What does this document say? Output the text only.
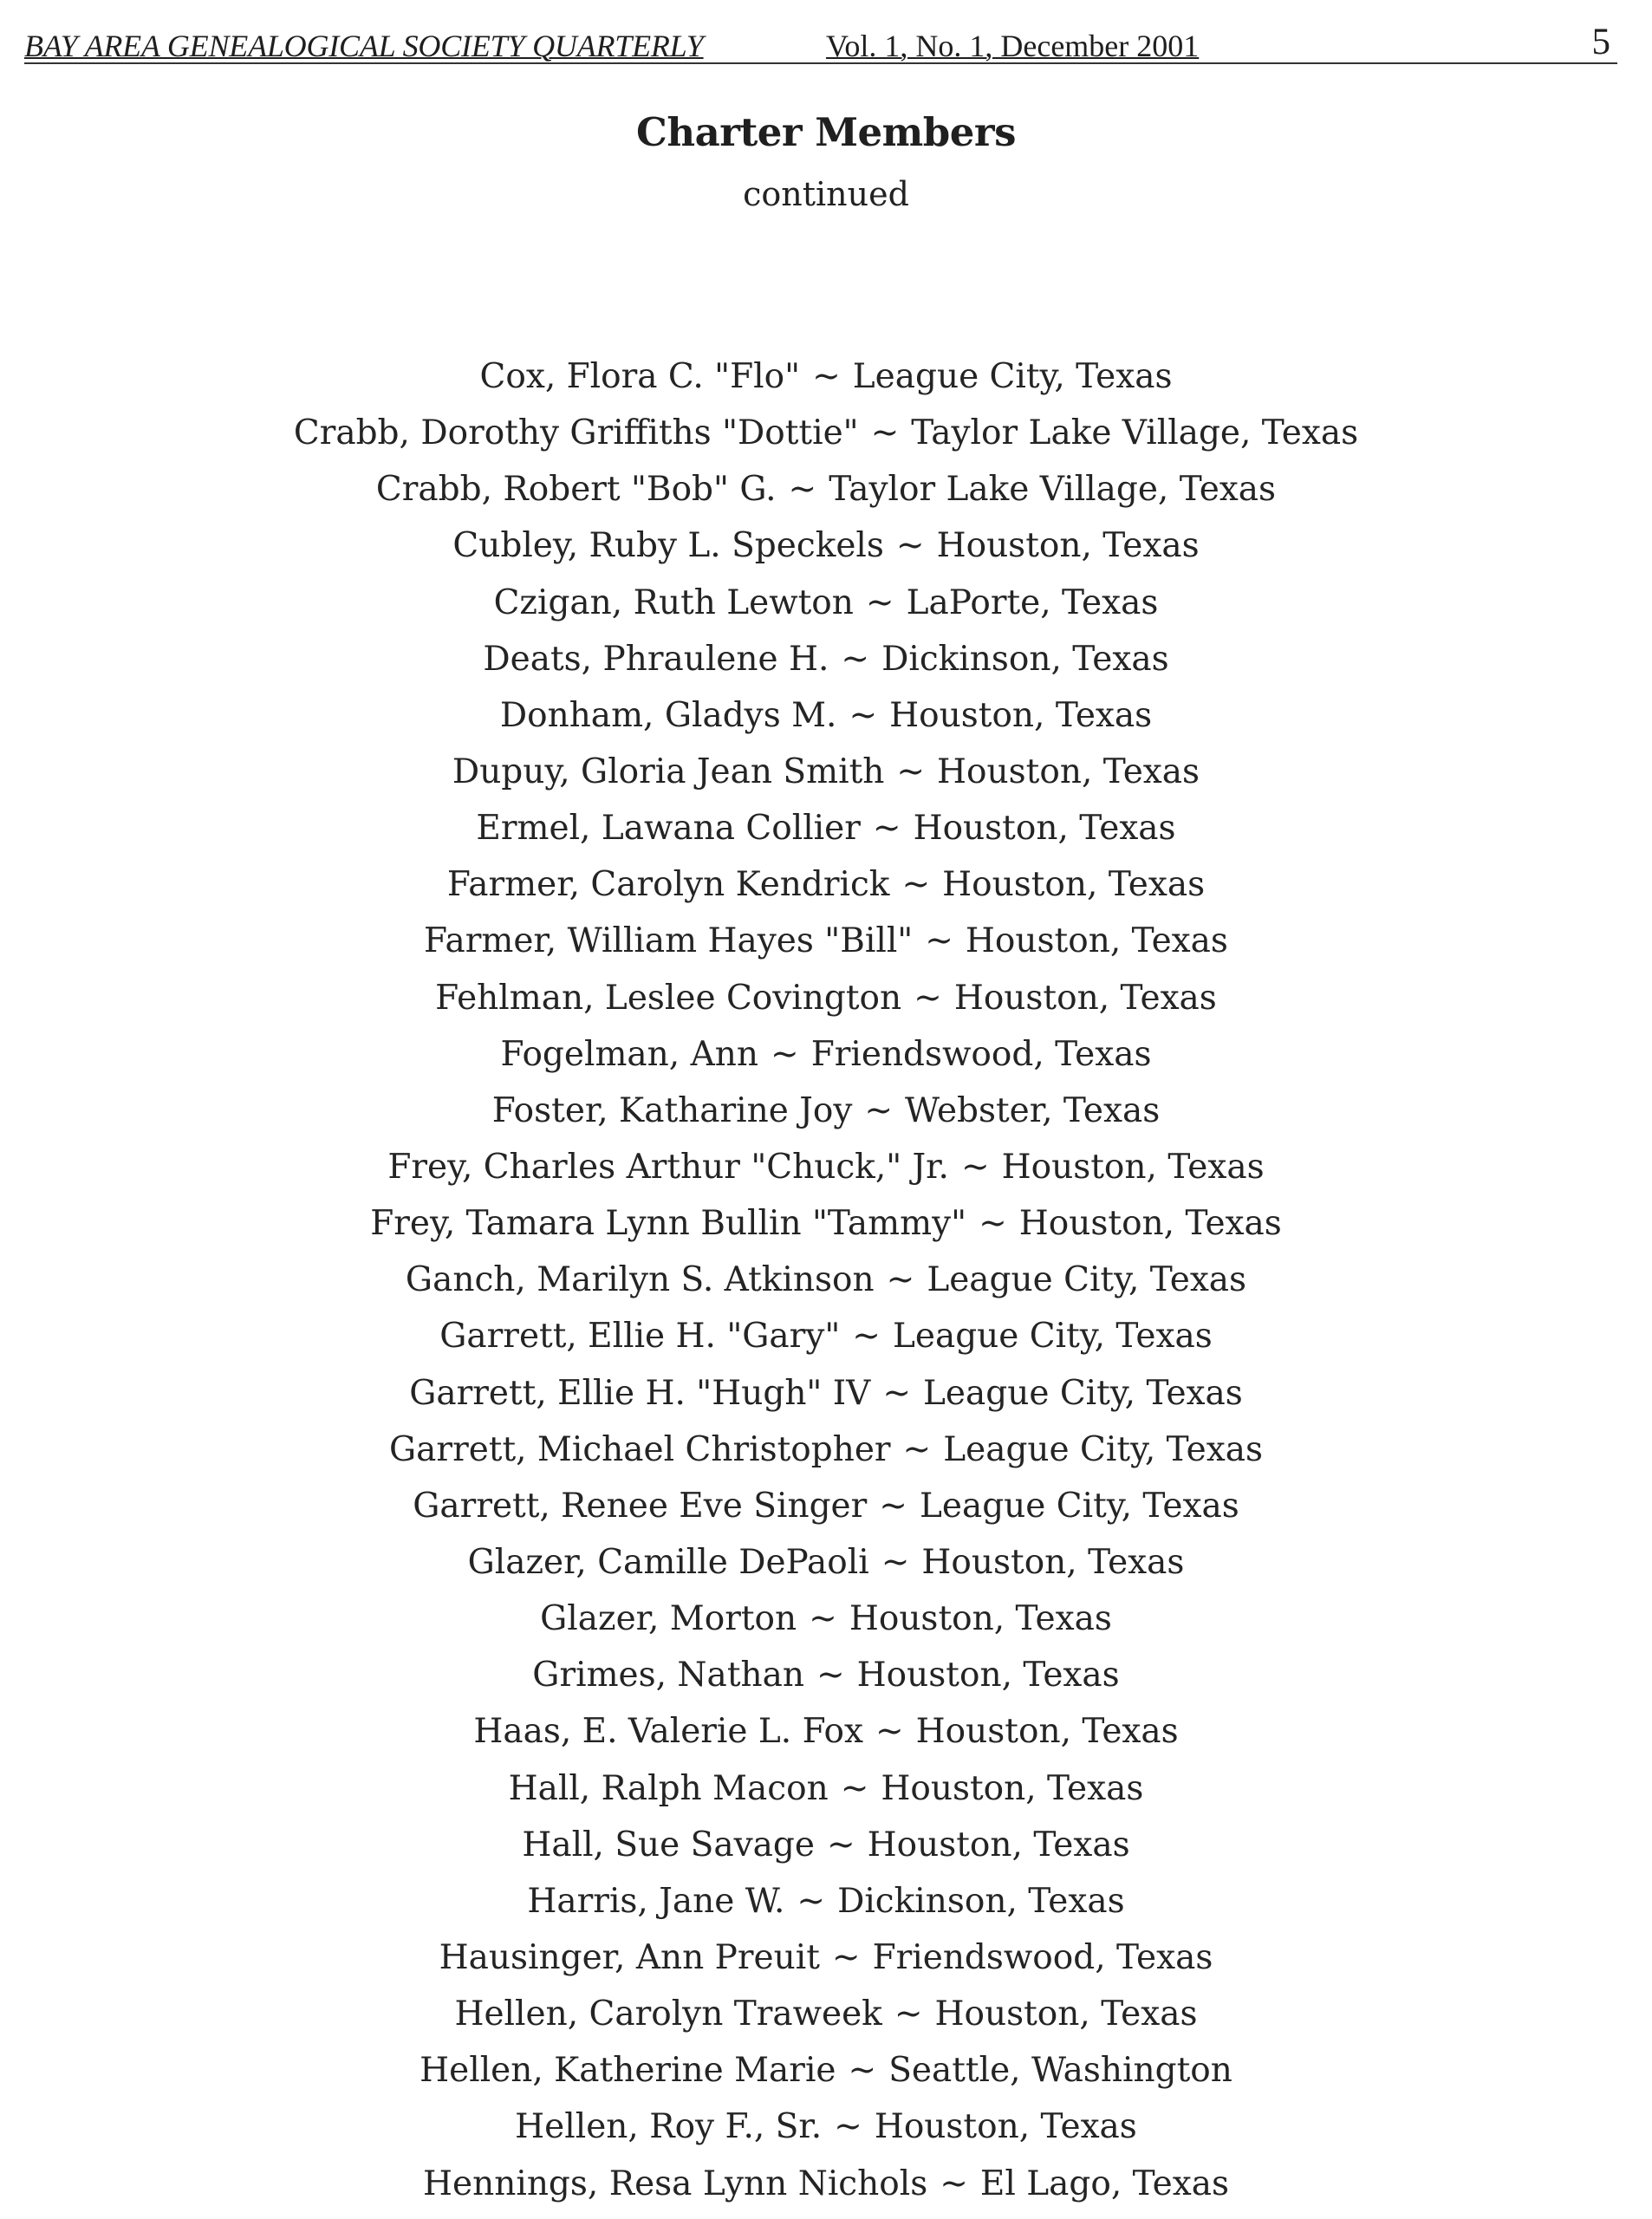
BAY AREA GENEALOGICAL SOCIETY QUARTERLY	Vol. 1, No. 1, December 2001	5
Charter Members
continued
Cox, Flora C. "Flo" ~ League City, Texas
Crabb, Dorothy Griffiths "Dottie" ~ Taylor Lake Village, Texas
Crabb, Robert "Bob" G. ~ Taylor Lake Village, Texas
Cubley, Ruby L. Speckels ~ Houston, Texas
Czigan, Ruth Lewton ~ LaPorte, Texas
Deats, Phraulene H. ~ Dickinson, Texas
Donham, Gladys M. ~ Houston, Texas
Dupuy, Gloria Jean Smith ~ Houston, Texas
Ermel, Lawana Collier ~ Houston, Texas
Farmer, Carolyn Kendrick ~ Houston, Texas
Farmer, William Hayes "Bill" ~ Houston, Texas
Fehlman, Leslee Covington ~ Houston, Texas
Fogelman, Ann ~ Friendswood, Texas
Foster, Katharine Joy ~ Webster, Texas
Frey, Charles Arthur "Chuck," Jr. ~ Houston, Texas
Frey, Tamara Lynn Bullin "Tammy" ~ Houston, Texas
Ganch, Marilyn S. Atkinson ~ League City, Texas
Garrett, Ellie H. "Gary" ~ League City, Texas
Garrett, Ellie H. "Hugh" IV ~ League City, Texas
Garrett, Michael Christopher ~ League City, Texas
Garrett, Renee Eve Singer ~ League City, Texas
Glazer, Camille DePaoli ~ Houston, Texas
Glazer, Morton ~ Houston, Texas
Grimes, Nathan ~ Houston, Texas
Haas, E. Valerie L. Fox ~ Houston, Texas
Hall, Ralph Macon ~ Houston, Texas
Hall, Sue Savage ~ Houston, Texas
Harris, Jane W. ~ Dickinson, Texas
Hausinger, Ann Preuit ~ Friendswood, Texas
Hellen, Carolyn Traweek ~ Houston, Texas
Hellen, Katherine Marie ~ Seattle, Washington
Hellen, Roy F., Sr. ~ Houston, Texas
Hennings, Resa Lynn Nichols ~ El Lago, Texas
